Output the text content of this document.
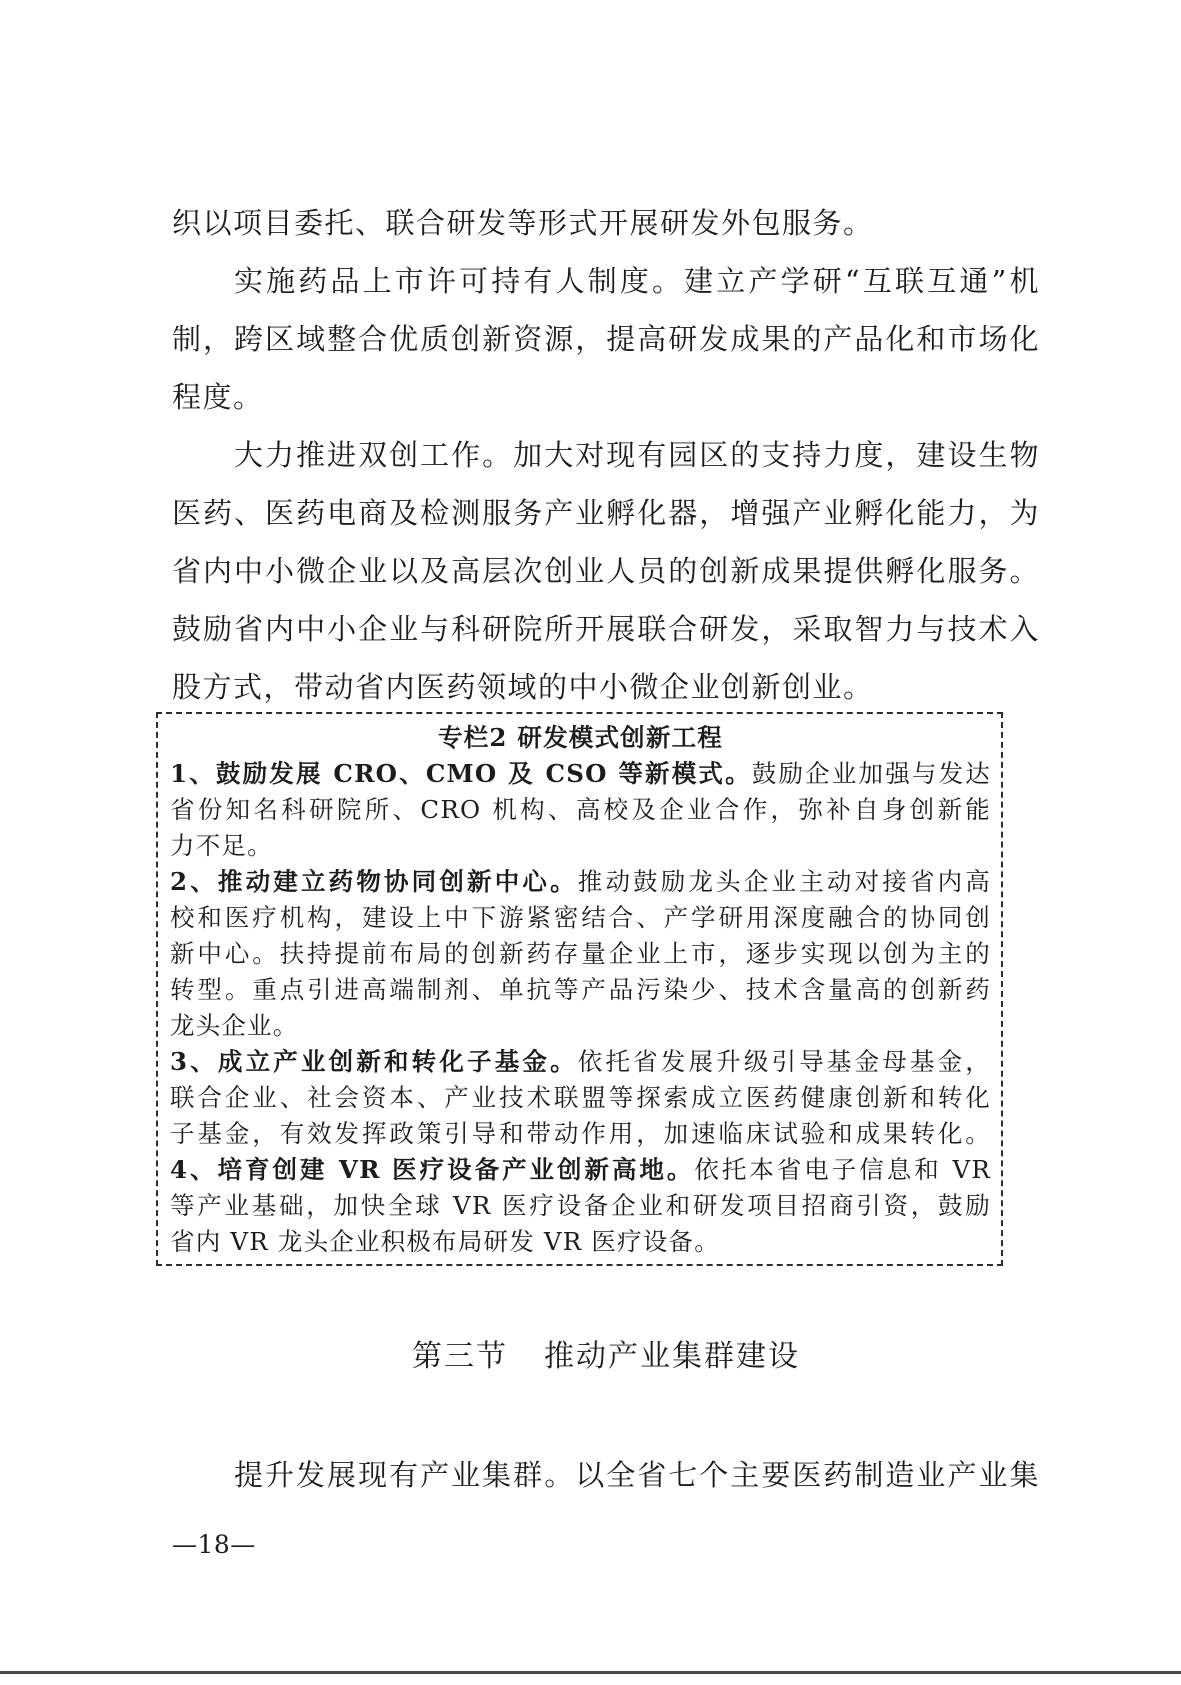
织以项目委托、联合研发等形式开展研发外包服务。
实施药品上市许可持有人制度。建立产学研“互联互通”机
制，跨区域整合优质创新资源，提高研发成果的产品化和市场化
程度。
大力推进双创工作。加大对现有园区的支持力度，建设生物
医药、医药电商及检测服务产业孵化器，增强产业孵化能力，为
省内中小微企业以及高层次创业人员的创新成果提供孵化服务。
鼓励省内中小企业与科研院所开展联合研发，采取智力与技术入
股方式，带动省内医药领域的中小微企业创新创业。
专栏2 研发模式创新工程
1、鼓励发展 CRO、CMO 及 CSO 等新模式。鼓励企业加强与发达
省份知名科研院所、CRO 机构、高校及企业合作，弥补自身创新能
力不足。
2、推动建立药物协同创新中心。推动鼓励龙头企业主动对接省内高
校和医疗机构，建设上中下游紧密结合、产学研用深度融合的协同创
新中心。扶持提前布局的创新药存量企业上市，逐步实现以创为主的
转型。重点引进高端制剂、单抗等产品污染少、技术含量高的创新药
龙头企业。
3、成立产业创新和转化子基金。依托省发展升级引导基金母基金，
联合企业、社会资本、产业技术联盟等探索成立医药健康创新和转化
子基金，有效发挥政策引导和带动作用，加速临床试验和成果转化。
4、培育创建 VR 医疗设备产业创新高地。依托本省电子信息和 VR
等产业基础，加快全球 VR 医疗设备企业和研发项目招商引资，鼓励
省内 VR 龙头企业积极布局研发 VR 医疗设备。
第三节 推动产业集群建设
提升发展现有产业集群。以全省七个主要医药制造业产业集
—18—
